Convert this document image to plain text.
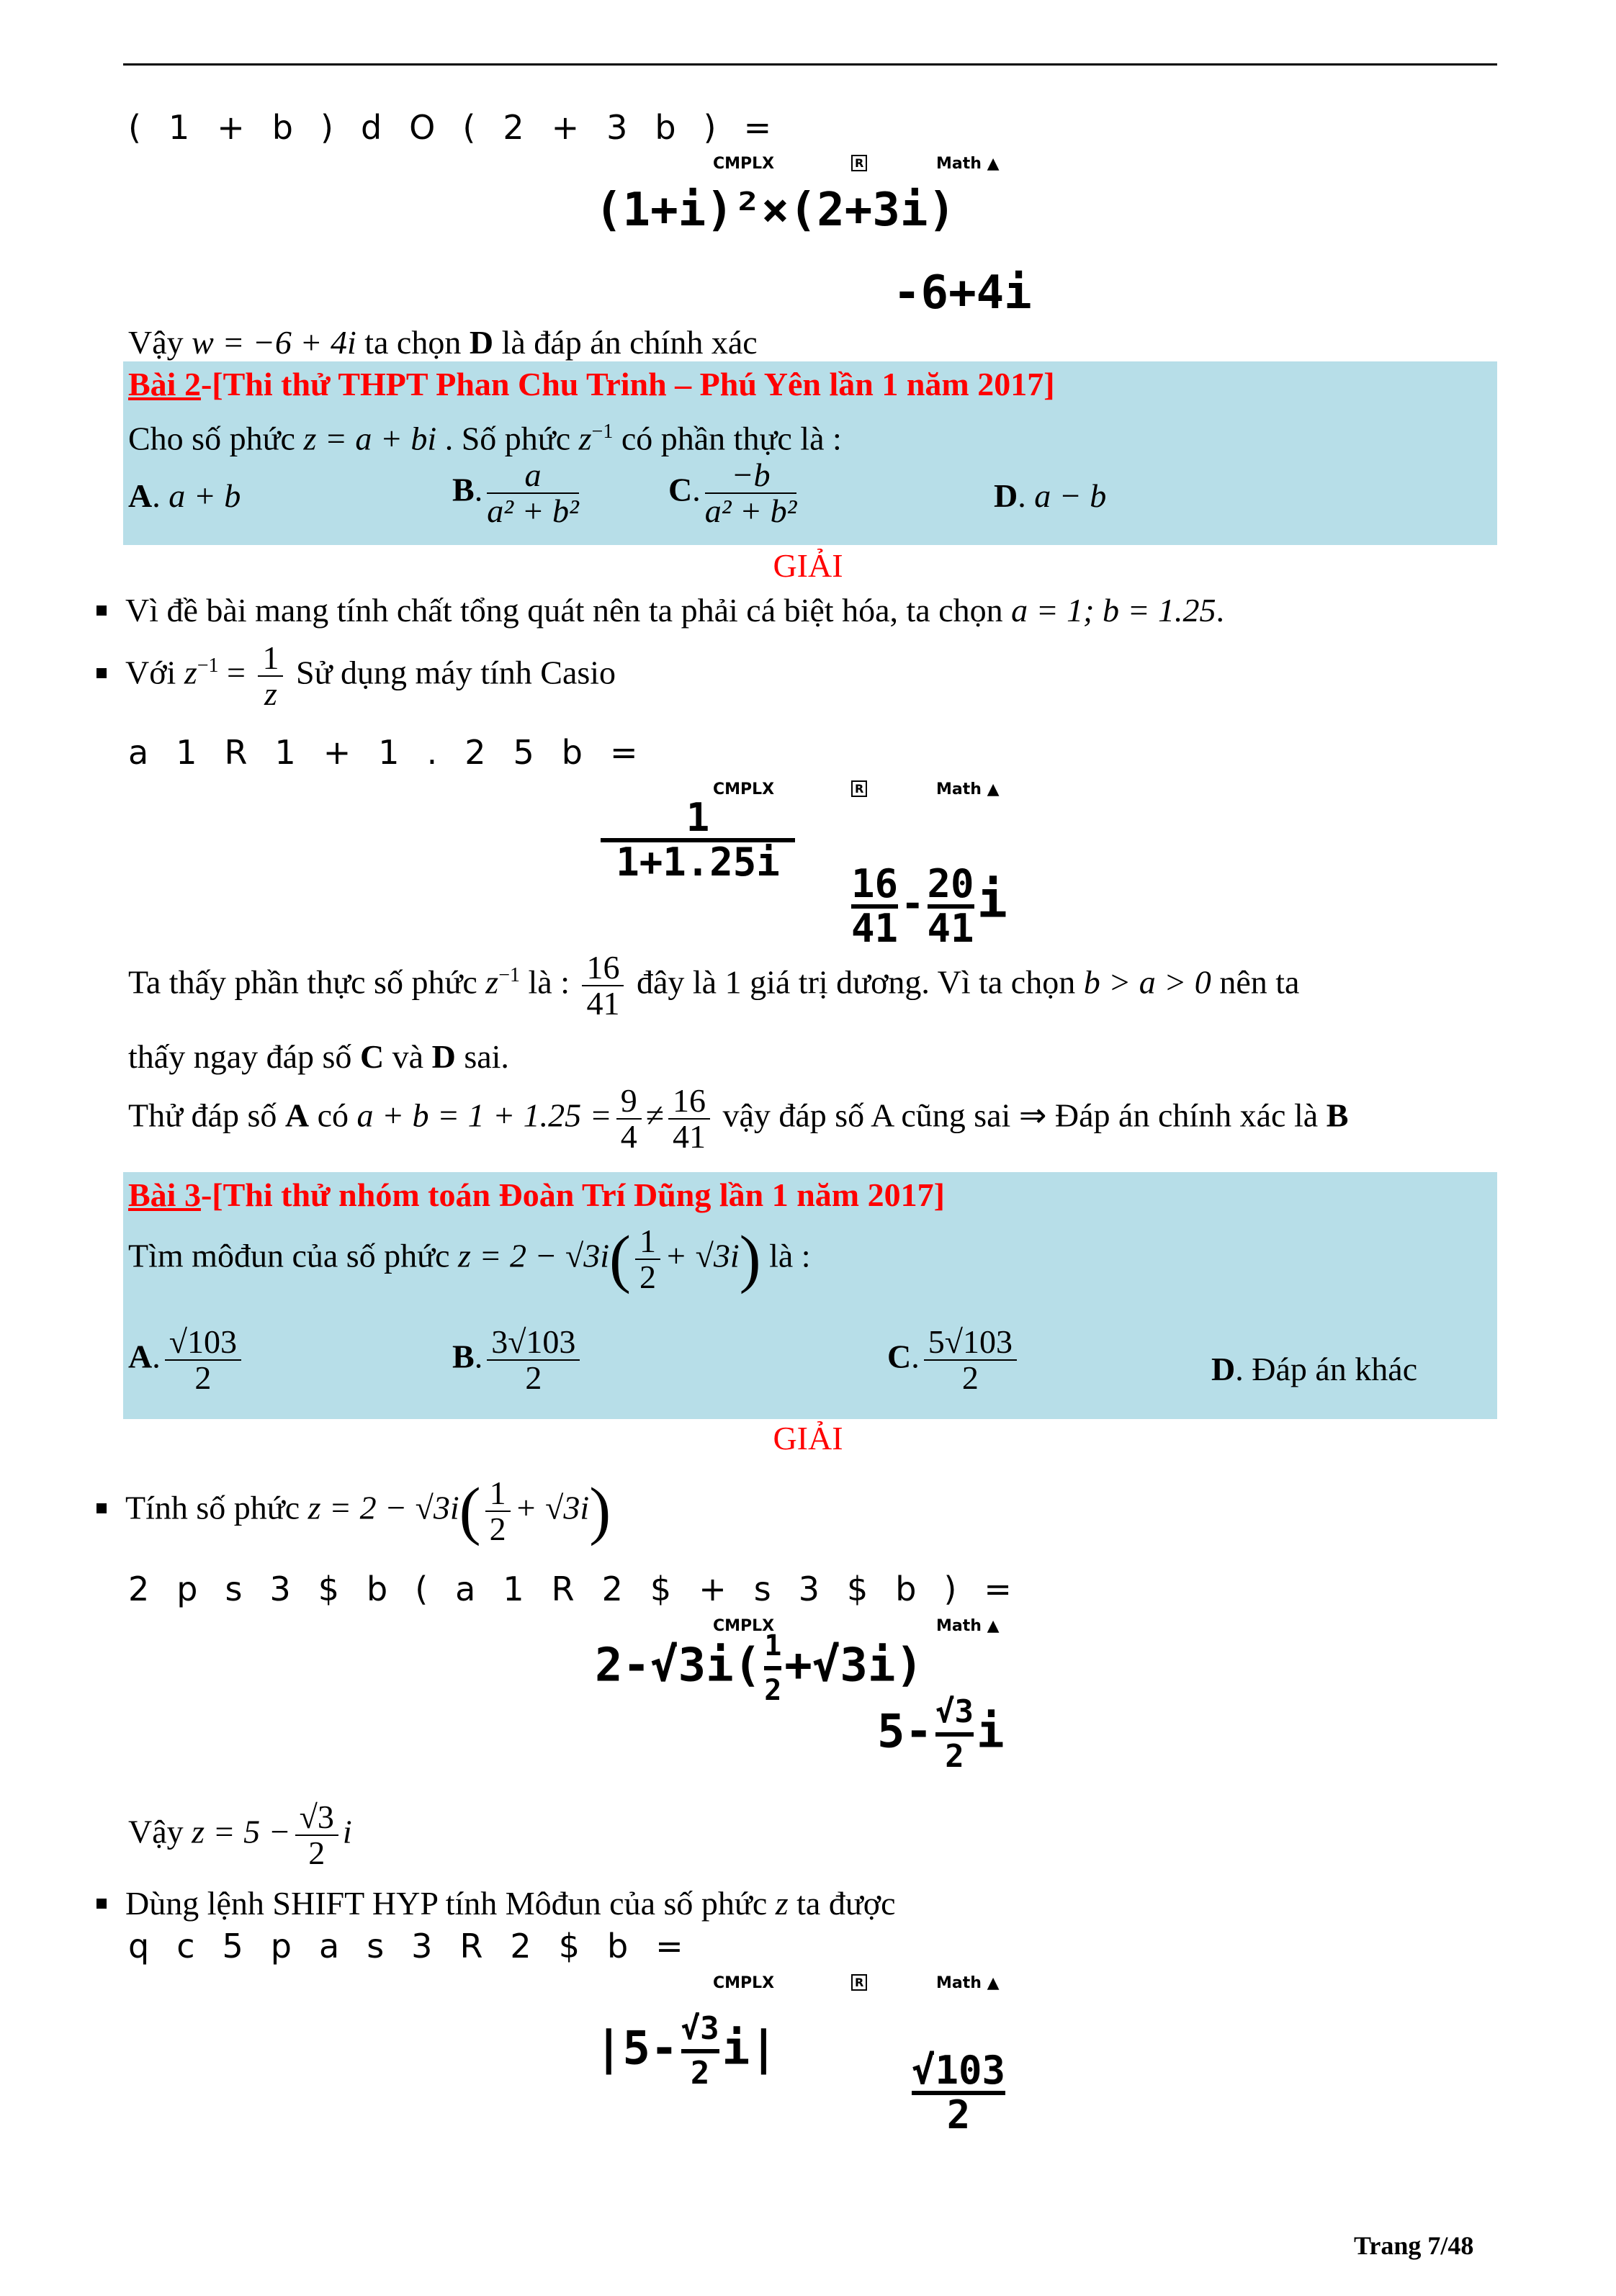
( 1 + b ) d O ( 2 + 3 b ) =
CMPLX	R	Math ▲
(1+i)²×(2+3i)
-6+4i
Vậy w = −6 + 4i ta chọn D là đáp án chính xác
Bài 2-[Thi thử THPT Phan Chu Trinh – Phú Yên lần 1 năm 2017]
Cho số phức z = a + bi . Số phức $z^{-1}$ có phần thực là :
A. a + b	B. $\frac{a}{\text{a² + b²}}$	C. $\frac{-b}{\text{a² + b²}}$	D. a − b
GIẢI
Vì đề bài mang tính chất tổng quát nên ta phải cá biệt hóa, ta chọn a = 1; b = 1.25.
Với $z^{-1} = \frac{1}{z}$ Sử dụng máy tính Casio
a 1 R 1 + 1 . 2 5 b =
CMPLX	R	Math ▲
$\frac{1}{1+1.25i}$
$\frac{16}{41} - \frac{20}{41}$ i
Ta thấy phần thực số phức $z^{-1}$ là : $\frac{16}{41}$ đây là 1 giá trị dương. Vì ta chọn b > a > 0 nên ta
thấy ngay đáp số C và D sai.
Thử đáp số A có $a + b = 1 + 1.25 = \frac{9}{4} \ne \frac{16}{41}$ vậy đáp số A cũng sai ⇒ Đáp án chính xác là B
Bài 3-[Thi thử nhóm toán Đoàn Trí Dũng lần 1 năm 2017]
Tìm môđun của số phức $z = 2 - √3i( \frac{1}{2} + √3i)$ là :
A. $\frac{√103}{2}$	B. $\frac{3√103}{2}$	C. $\frac{5√103}{2}$	D. Đáp án khác
GIẢI
Tính số phức $z = 2 - √3i( \frac{1}{2} + √3i)$
2 p s 3 $ b ( a 1 R 2 $ + s 3 $ b ) =
CMPLX	Math ▲
$2-√3i( \frac{1}{2} +√3i)$
$5- \frac{√3}{2}$ i
Vậy $z = 5 - \frac{√3}{2}$ i
Dùng lệnh SHIFT HYP tính Môđun của số phức z ta được
q c 5 p a s 3 R 2 $ b =
CMPLX	R	Math ▲
$|5- \frac{√3}{2} i|$
$\frac{√103}{2}$
Trang 7/48
